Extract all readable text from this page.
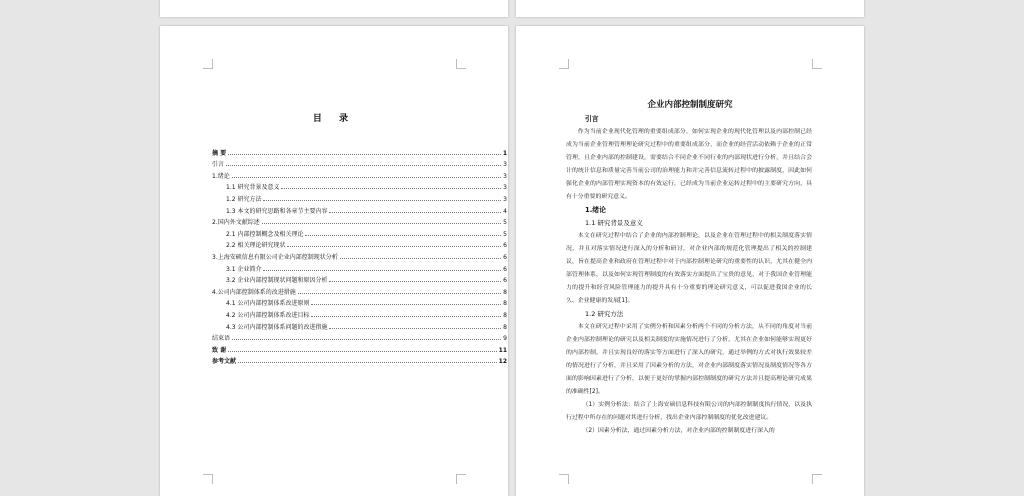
目 录
摘 要	1
引言	3
1.绪论	3
1.1 研究背景及意义	3
1.2 研究方法	3
1.3 本文的研究思路和各章节主要内容	4
2.国内外文献综述	5
2.1 内部控制概念及相关理论	5
2.2 相关理论研究现状	6
3.上海安硕信息有限公司企业内部控制现状分析	6
3.1 企业简介	6
3.2 企业内部控制现状问题和原因分析	6
4.公司内部控制体系的改进措施	8
4.1 公司内部控制体系改进原则	8
4.2 公司内部控制体系改进目标	8
4.3 公司内部控制体系问题的改进措施	8
结束语	9
致 谢	11
参考文献	12
企业内部控制制度研究
引言
作为当前企业现代化管理的重要组成部分，如何实现企业的现代化管理以及内部控制已经成为当前企业管理管理理论研究过程中的重要组成部分，而企业的经营活动依赖于企业的正常管理，且企业内部的控制建设，需要结合不同企业不同行业的内部现状进行分析，并且结合会计的统计信息和质量完善当前公司的治理能力和并完善信息流转过程中的披露制度，因此如何强化企业的内部管理实现资本的有效运行，已经成为当前企业运转过程中的主要研究方向，具有十分重要的研究意义。
1.绪论
1.1 研究背景及意义
本文在研究过程中结合了企业的内部控制理论，以及企业在管理过程中的相关制度落实情况，并且对落实情况进行深入的分析和研讨，对企业内部的规范化管理提出了相关的控制建议，旨在提高企业和政府在管理过程中对于内部控制理论研究的重要性的认识，尤其在健全内部管理体系，以及如何实现管理制度的有效落实方面提出了宝贵的意见，对于我国企业管理能力的提升和经营风险管理能力的提升具有十分重要的理论研究意义，可以促进我国企业的长久、企业健康的发展[1]。
1.2 研究方法
本文在研究过程中采用了实例分析和因素分析两个不同的分析方法，从不同的角度对当前企业内部控制理论的研究以及相关制度的实施情况进行了分析，尤其在企业如何能够实现更好的内部控制，并且实现良好的落实等方面进行了深入的研究，通过举例的方式对执行效果较差的情况进行了分析，并且采用了因素分析的方法，对企业内部制度落实情况及制度情况等各方面的影响因素进行了分析，以便于更好的掌握内部控制制度的研究方法并且提高理论研究成果的准确性[2]。
（1）实例分析法：结合了上海安硕信息科技有限公司的内部控制制度执行情况，以及执行过程中所存在的问题对其进行分析，找出企业内部控制制度的优化改进建议。
（2）因素分析法，通过因素分析方法，对企业内部的控制制度进行深入的
